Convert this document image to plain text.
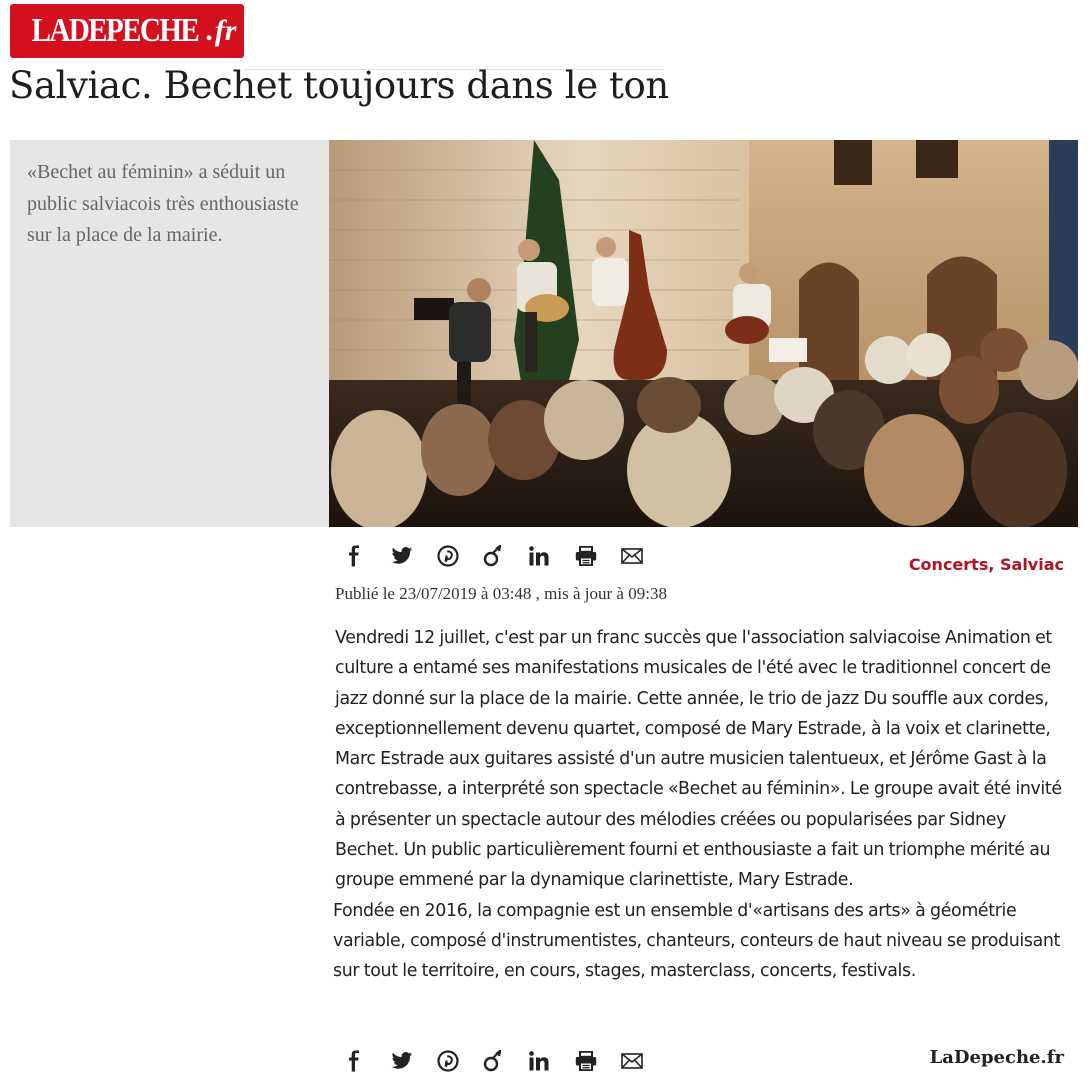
LADEPECHE . fr
Salviac. Bechet toujours dans le ton

«Bechet au féminin» a séduit un public salviacois très enthousiaste sur la place de la mairie.

Concerts, Salviac
Publié le 23/07/2019 à 03:48 , mis à jour à 09:38

Vendredi 12 juillet, c'est par un franc succès que l'association salviacoise Animation et culture a entamé ses manifestations musicales de l'été avec le traditionnel concert de jazz donné sur la place de la mairie. Cette année, le trio de jazz Du souffle aux cordes, exceptionnellement devenu quartet, composé de Mary Estrade, à la voix et clarinette, Marc Estrade aux guitares assisté d'un autre musicien talentueux, et Jérôme Gast à la contrebasse, a interprété son spectacle «Bechet au féminin». Le groupe avait été invité à présenter un spectacle autour des mélodies créées ou popularisées par Sidney Bechet. Un public particulièrement fourni et enthousiaste a fait un triomphe mérité au groupe emmené par la dynamique clarinettiste, Mary Estrade.

Fondée en 2016, la compagnie est un ensemble d'«artisans des arts» à géométrie variable, composé d'instrumentistes, chanteurs, conteurs de haut niveau se produisant sur tout le territoire, en cours, stages, masterclass, concerts, festivals.

LaDepeche.fr
